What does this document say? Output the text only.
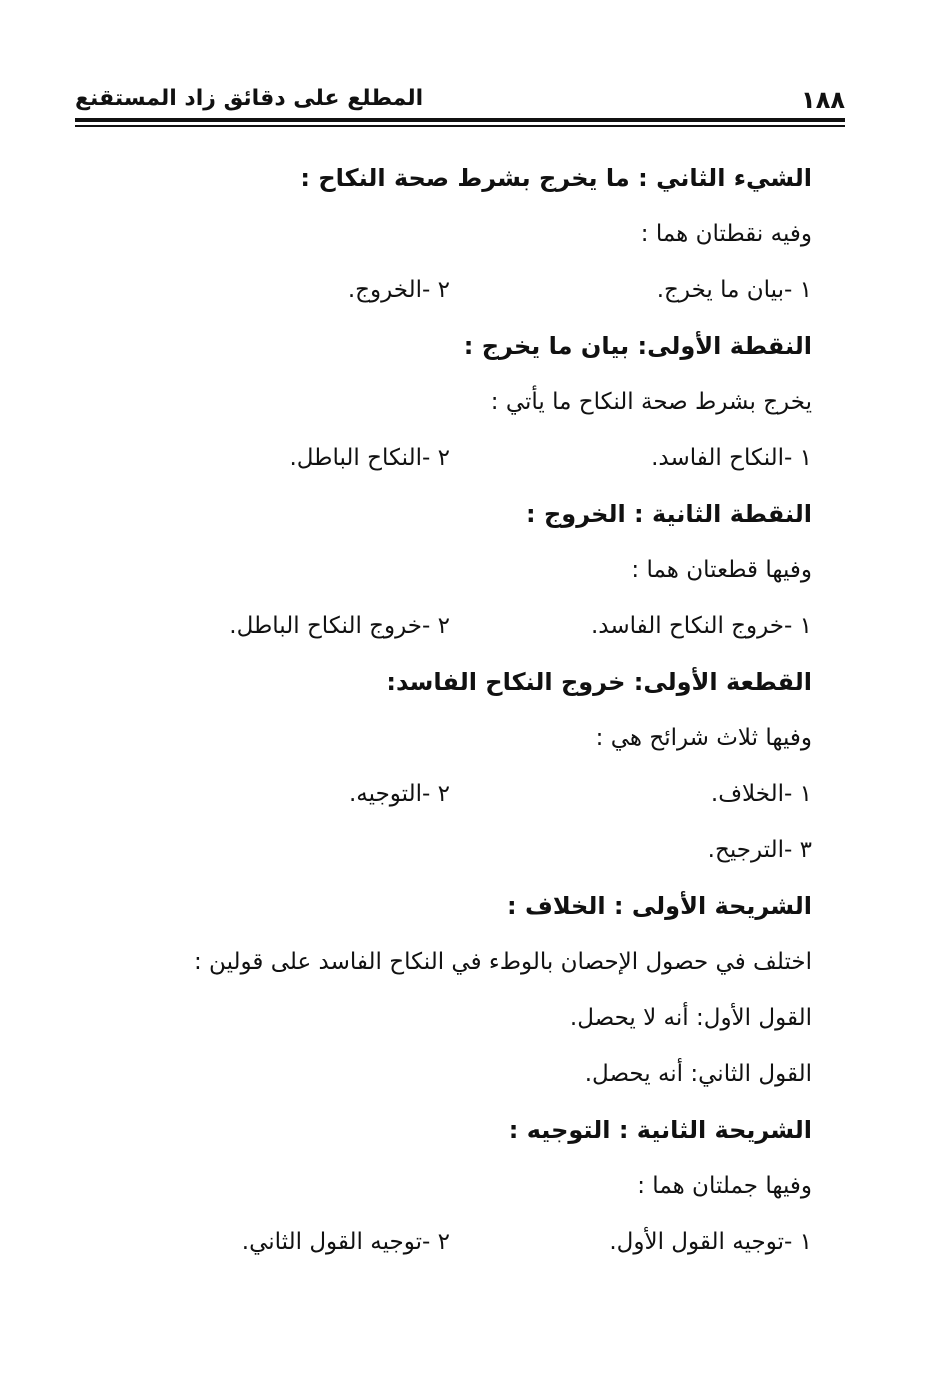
١٨٨
المطلع على دقائق زاد المستقنع
الشيء الثاني : ما يخرج بشرط صحة النكاح :
وفيه نقطتان هما :
١ -بيان ما يخرج.
٢ -الخروج.
النقطة الأولى: بيان ما يخرج :
يخرج بشرط صحة النكاح ما يأتي :
١ -النكاح الفاسد.
٢ -النكاح الباطل.
النقطة الثانية : الخروج :
وفيها قطعتان هما :
١ -خروج النكاح الفاسد.
٢ -خروج النكاح الباطل.
القطعة الأولى: خروج النكاح الفاسد:
وفيها ثلاث شرائح هي :
١ -الخلاف.
٢ -التوجيه.
٣ -الترجيح.
الشريحة الأولى : الخلاف :
اختلف في حصول الإحصان بالوطء في النكاح الفاسد على قولين :
القول الأول: أنه لا يحصل.
القول الثاني: أنه يحصل.
الشريحة الثانية : التوجيه :
وفيها جملتان هما :
١ -توجيه القول الأول.
٢ -توجيه القول الثاني.
